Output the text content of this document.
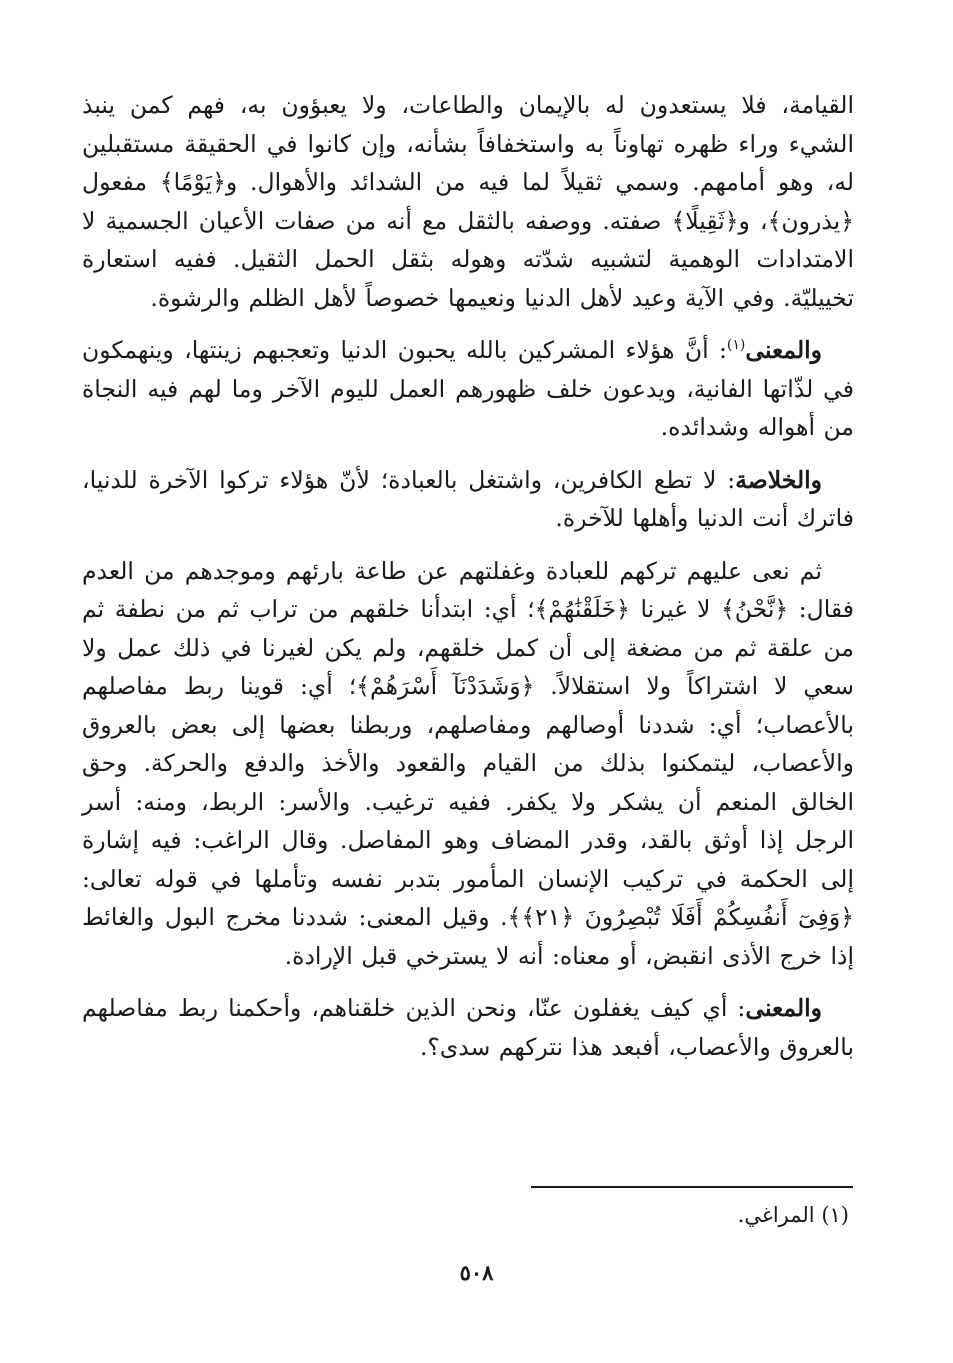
القيامة، فلا يستعدون له بالإيمان والطاعات، ولا يعبؤون به، فهم كمن ينبذ الشيء وراء ظهره تهاوناً به واستخفافاً بشأنه، وإن كانوا في الحقيقة مستقبلين له، وهو أمامهم. وسمي ثقيلاً لما فيه من الشدائد والأهوال. و﴿يَوْمًا﴾ مفعول ﴿يذرون﴾، و﴿ثَقِيلًا﴾ صفته. ووصفه بالثقل مع أنه من صفات الأعيان الجسمية لا الامتدادات الوهمية لتشبيه شدّته وهوله بثقل الحمل الثقيل. ففيه استعارة تخييليّة. وفي الآية وعيد لأهل الدنيا ونعيمها خصوصاً لأهل الظلم والرشوة.

والمعنى$^{(١)}$: أنَّ هؤلاء المشركين بالله يحبون الدنيا وتعجبهم زينتها، وينهمكون في لذّاتها الفانية، ويدعون خلف ظهورهم العمل لليوم الآخر وما لهم فيه النجاة من أهواله وشدائده.

والخلاصة: لا تطع الكافرين، واشتغل بالعبادة؛ لأنّ هؤلاء تركوا الآخرة للدنيا، فاترك أنت الدنيا وأهلها للآخرة.

ثم نعى عليهم تركهم للعبادة وغفلتهم عن طاعة بارئهم وموجدهم من العدم فقال: ﴿نَّحْنُ﴾ لا غيرنا ﴿خَلَقْنَٰهُمْ﴾؛ أي: ابتدأنا خلقهم من تراب ثم من نطفة ثم من علقة ثم من مضغة إلى أن كمل خلقهم، ولم يكن لغيرنا في ذلك عمل ولا سعي لا اشتراكاً ولا استقلالاً. ﴿وَشَدَدْنَآ أَسْرَهُمْ﴾؛ أي: قوينا ربط مفاصلهم بالأعصاب؛ أي: شددنا أوصالهم ومفاصلهم، وربطنا بعضها إلى بعض بالعروق والأعصاب، ليتمكنوا بذلك من القيام والقعود والأخذ والدفع والحركة. وحق الخالق المنعم أن يشكر ولا يكفر. ففيه ترغيب. والأسر: الربط، ومنه: أسر الرجل إذا أوثق بالقد، وقدر المضاف وهو المفاصل. وقال الراغب: فيه إشارة إلى الحكمة في تركيب الإنسان المأمور بتدبر نفسه وتأملها في قوله تعالى: ﴿وَفِىٓ أَنفُسِكُمْ أَفَلَا تُبْصِرُونَ ﴿٢١﴾﴾. وقيل المعنى: شددنا مخرج البول والغائط إذا خرج الأذى انقبض، أو معناه: أنه لا يسترخي قبل الإرادة.

والمعنى: أي كيف يغفلون عنّا، ونحن الذين خلقناهم، وأحكمنا ربط مفاصلهم بالعروق والأعصاب، أفبعد هذا نتركهم سدى؟.

(١) المراغي.
٥٠٨
